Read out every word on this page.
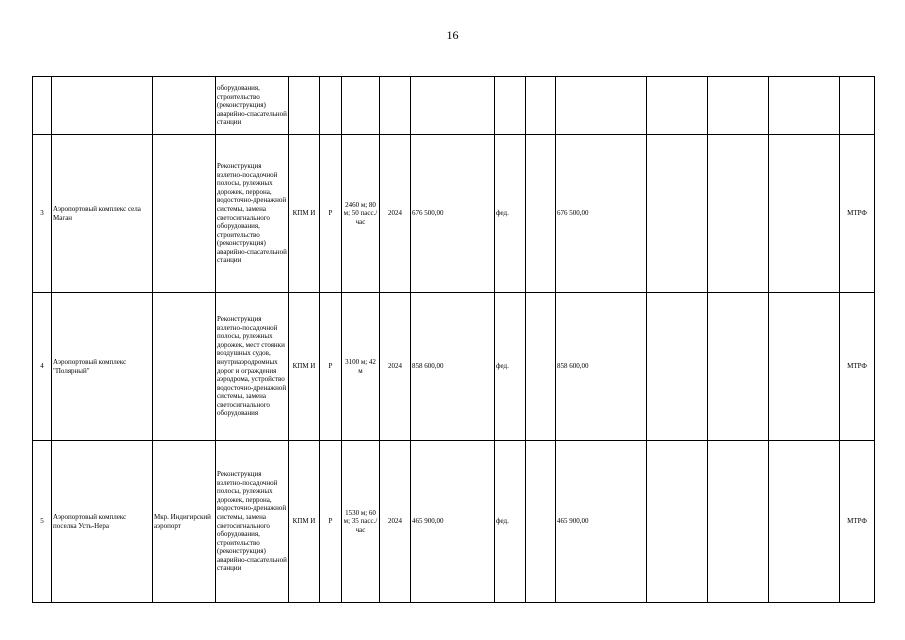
16
			оборудования, строительство (реконструкция) аварийно-спасательной станции												
3	Аэропортовый комплекс села Маган		Реконструкция взлетно-посадочной полосы, рулежных дорожек, перрона, водосточно-дренажной системы, замена светосигнального оборудования, строительство (реконструкция) аварийно-спасательной станции	КПМ И	Р	2460 м; 80 м; 50 пасс./час	2024	676 500,00	фед.		676 500,00				МТРФ
4	Аэропортовый комплекс "Полярный"		Реконструкция взлетно-посадочной полосы, рулежных дорожек, мест стоянки воздушных судов, внутриаэродромных дорог и ограждения аэродрома, устройство водосточно-дренажной системы, замена светосигнального оборудования	КПМ И	Р	3100 м; 42 м	2024	858 600,00	фед.		858 600,00				МТРФ
5	Аэропортовый комплекс поселка Усть-Нера	Мкр. Индигирский аэропорт	Реконструкция взлетно-посадочной полосы, рулежных дорожек, перрона, водосточно-дренажной системы, замена светосигнального оборудования, строительство (реконструкция) аварийно-спасательной станции	КПМ И	Р	1530 м; 60 м; 35 пасс./час	2024	465 900,00	фед.		465 900,00				МТРФ
